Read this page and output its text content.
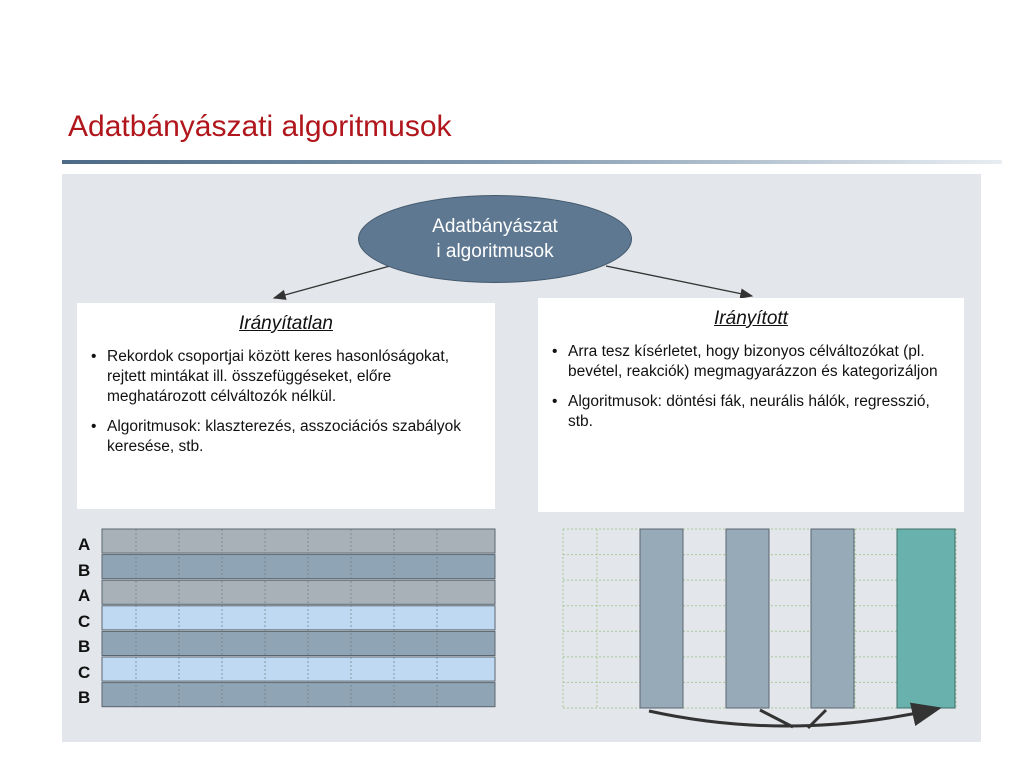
Adatbányászati algoritmusok
Adatbányászat
i algoritmusok
Irányítatlan
• Rekordok csoportjai között keres hasonlóságokat, rejtett mintákat ill. összefüggéseket, előre meghatározott célváltozók nélkül.
• Algoritmusok: klaszterezés, asszociációs szabályok keresése, stb.
Irányított
• Arra tesz kísérletet, hogy bizonyos célváltozókat (pl. bevétel, reakciók) megmagyarázzon és kategorizáljon
• Algoritmusok: döntési fák, neurális hálók, regresszió, stb.
A
B
A
C
B
C
B
